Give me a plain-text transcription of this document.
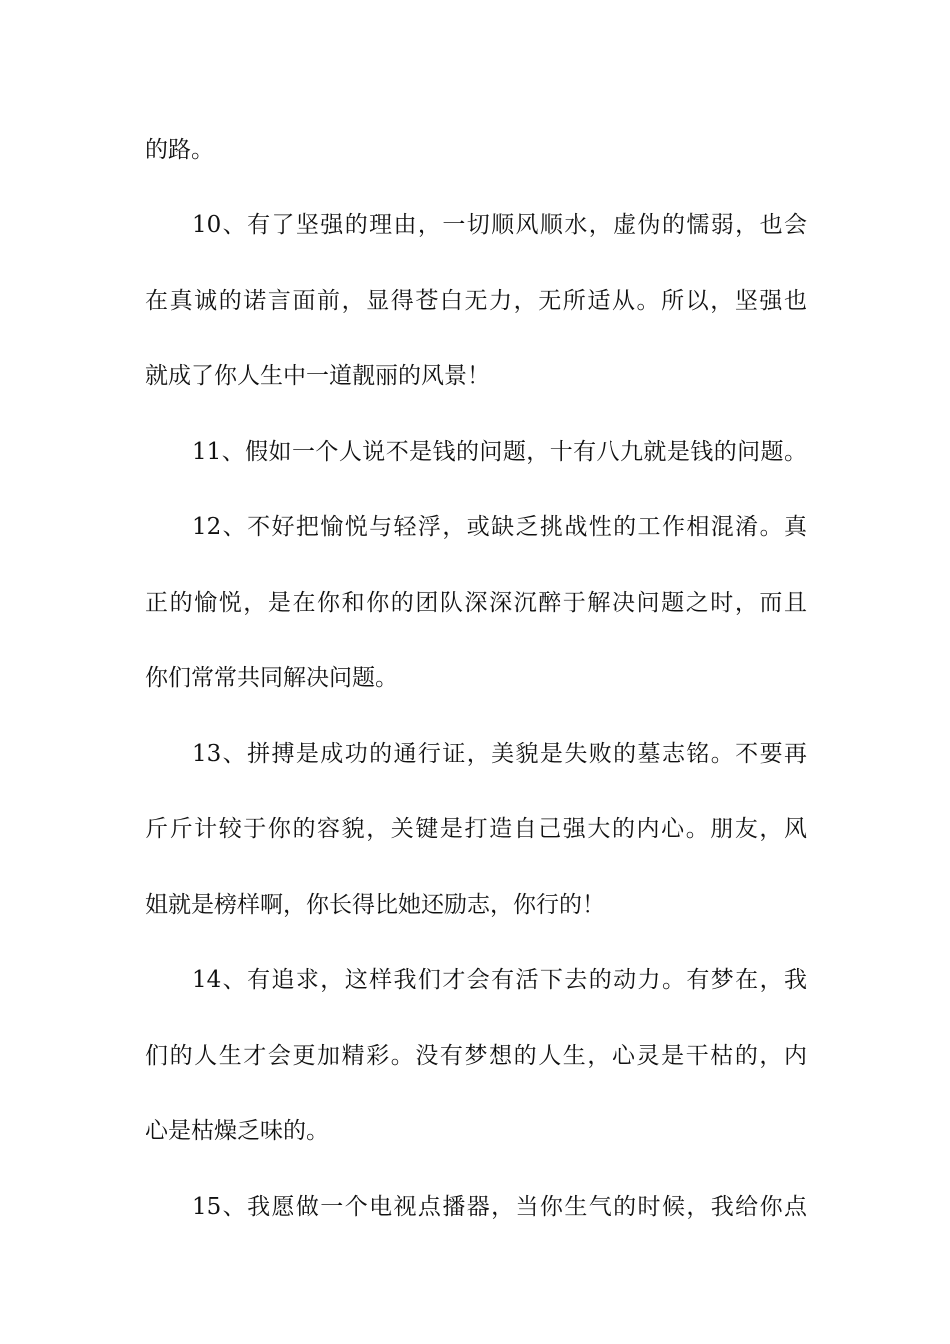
的路。
10、有了坚强的理由，一切顺风顺水，虚伪的懦弱，也会
在真诚的诺言面前，显得苍白无力，无所适从。所以，坚强也
就成了你人生中一道靓丽的风景！
11、假如一个人说不是钱的问题，十有八九就是钱的问题。
12、不好把愉悦与轻浮，或缺乏挑战性的工作相混淆。真
正的愉悦，是在你和你的团队深深沉醉于解决问题之时，而且
你们常常共同解决问题。
13、拼搏是成功的通行证，美貌是失败的墓志铭。不要再
斤斤计较于你的容貌，关键是打造自己强大的内心。朋友，风
姐就是榜样啊，你长得比她还励志，你行的！
14、有追求，这样我们才会有活下去的动力。有梦在，我
们的人生才会更加精彩。没有梦想的人生，心灵是干枯的，内
心是枯燥乏味的。
15、我愿做一个电视点播器，当你生气的时候，我给你点
